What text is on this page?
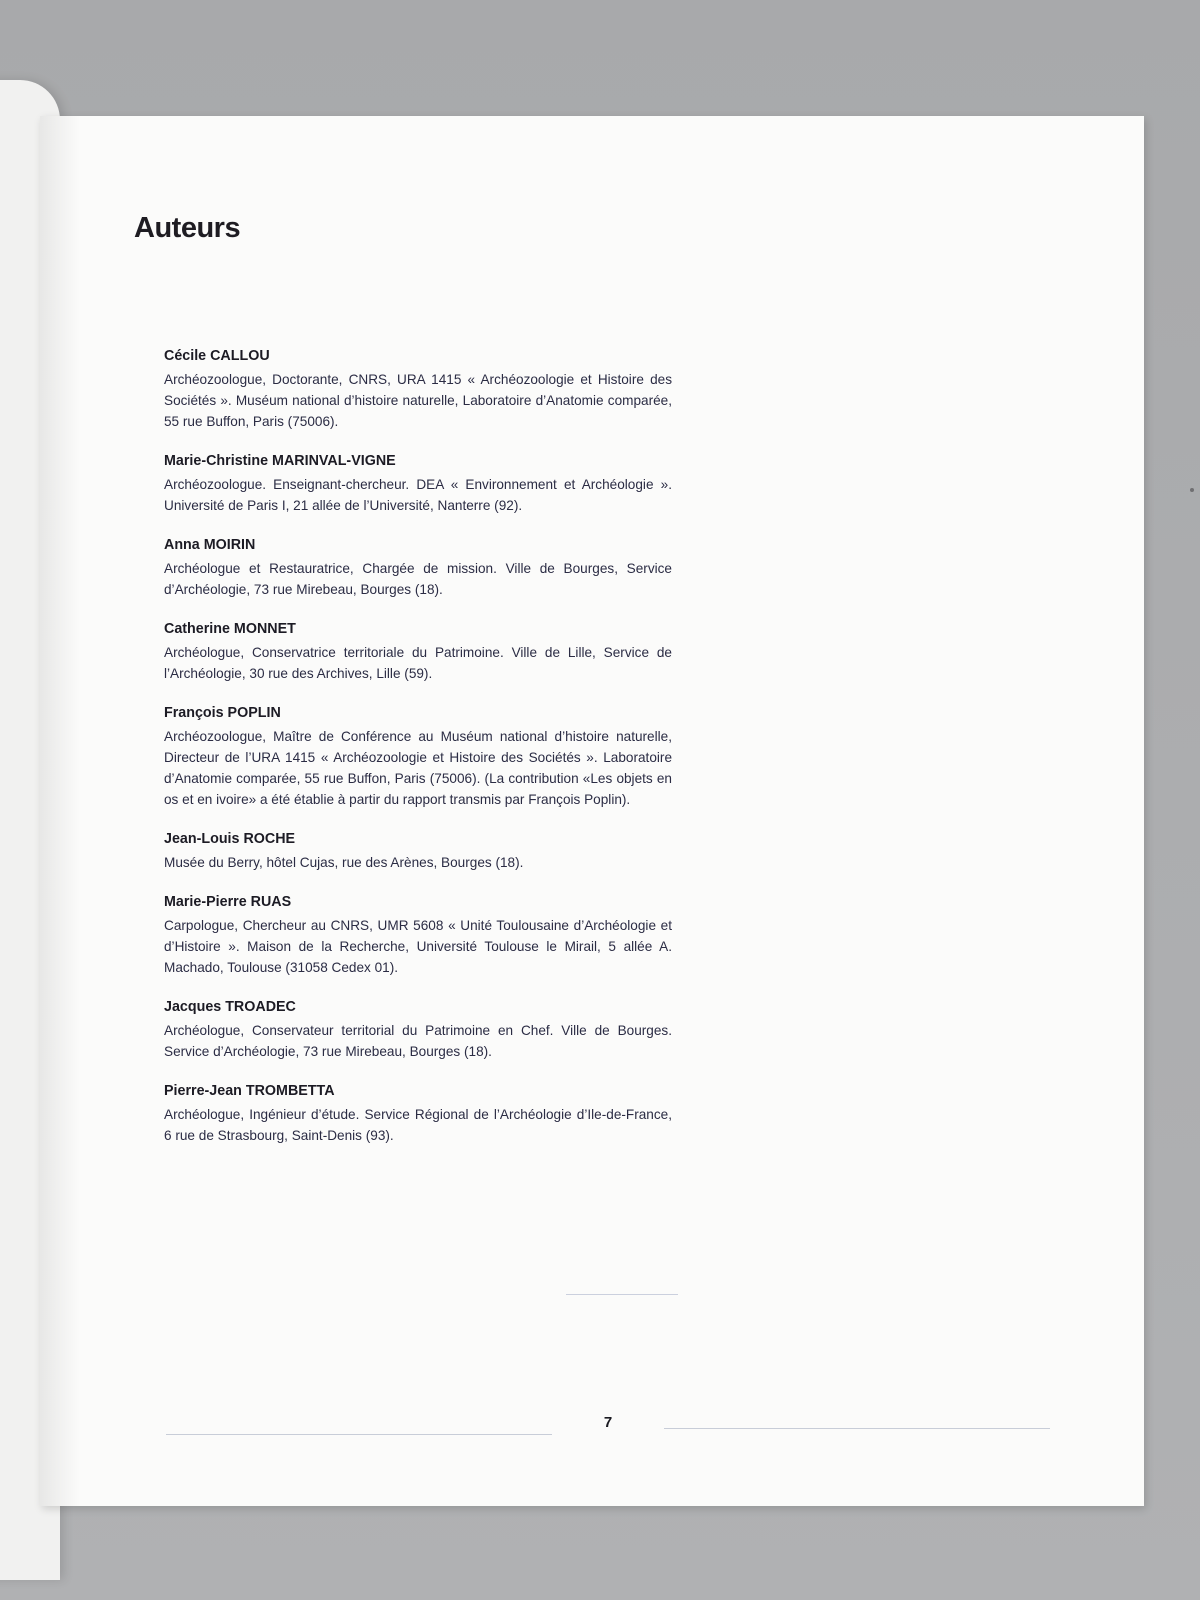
Auteurs
Cécile CALLOU
Archéozoologue, Doctorante, CNRS, URA 1415 « Archéozoologie et Histoire des Sociétés ». Muséum national d’histoire naturelle, Laboratoire d’Anatomie comparée, 55 rue Buffon, Paris (75006).
Marie-Christine MARINVAL-VIGNE
Archéozoologue. Enseignant-chercheur. DEA « Environnement et Archéologie ». Université de Paris I, 21 allée de l’Université, Nanterre (92).
Anna MOIRIN
Archéologue et Restauratrice, Chargée de mission. Ville de Bourges, Service d’Archéologie, 73 rue Mirebeau, Bourges (18).
Catherine MONNET
Archéologue, Conservatrice territoriale du Patrimoine. Ville de Lille, Service de l’Archéologie, 30 rue des Archives, Lille (59).
François POPLIN
Archéozoologue, Maître de Conférence au Muséum national d’histoire naturelle, Directeur de l’URA 1415 « Archéozoologie et Histoire des Sociétés ». Laboratoire d’Anatomie comparée, 55 rue Buffon, Paris (75006). (La contribution «Les objets en os et en ivoire» a été établie à partir du rapport transmis par François Poplin).
Jean-Louis ROCHE
Musée du Berry, hôtel Cujas, rue des Arènes, Bourges (18).
Marie-Pierre RUAS
Carpologue, Chercheur au CNRS, UMR 5608 « Unité Toulousaine d’Archéologie et d’Histoire ». Maison de la Recherche, Université Toulouse le Mirail, 5 allée A. Machado, Toulouse (31058 Cedex 01).
Jacques TROADEC
Archéologue, Conservateur territorial du Patrimoine en Chef. Ville de Bourges. Service d’Archéologie, 73 rue Mirebeau, Bourges (18).
Pierre-Jean TROMBETTA
Archéologue, Ingénieur d’étude. Service Régional de l’Archéologie d’Ile-de-France, 6 rue de Strasbourg, Saint-Denis (93).
7
